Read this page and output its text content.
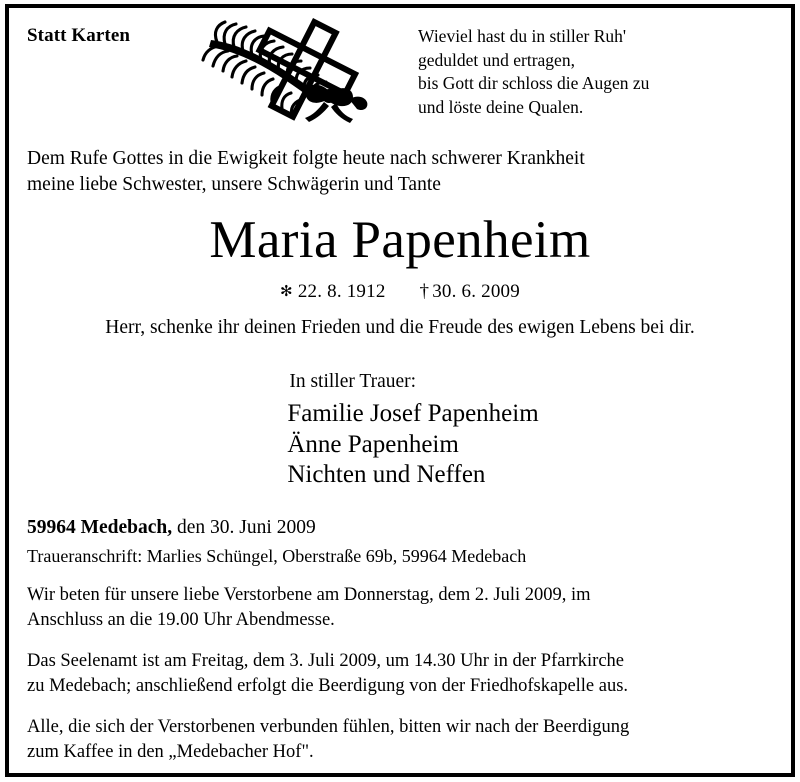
Statt Karten	Wieviel hast du in stiller Ruh'
geduldet und ertragen,
bis Gott dir schloss die Augen zu
und löste deine Qualen.
Dem Rufe Gottes in die Ewigkeit folgte heute nach schwerer Krankheit
meine liebe Schwester, unsere Schwägerin und Tante
Maria Papenheim
✻ 22. 8. 1912 † 30. 6. 2009
Herr, schenke ihr deinen Frieden und die Freude des ewigen Lebens bei dir.
In stiller Trauer:
Familie Josef Papenheim
Änne Papenheim
Nichten und Neffen
59964 Medebach, den 30. Juni 2009
Traueranschrift: Marlies Schüngel, Oberstraße 69b, 59964 Medebach
Wir beten für unsere liebe Verstorbene am Donnerstag, dem 2. Juli 2009, im
Anschluss an die 19.00 Uhr Abendmesse.
Das Seelenamt ist am Freitag, dem 3. Juli 2009, um 14.30 Uhr in der Pfarrkirche
zu Medebach; anschließend erfolgt die Beerdigung von der Friedhofskapelle aus.
Alle, die sich der Verstorbenen verbunden fühlen, bitten wir nach der Beerdigung
zum Kaffee in den „Medebacher Hof".
